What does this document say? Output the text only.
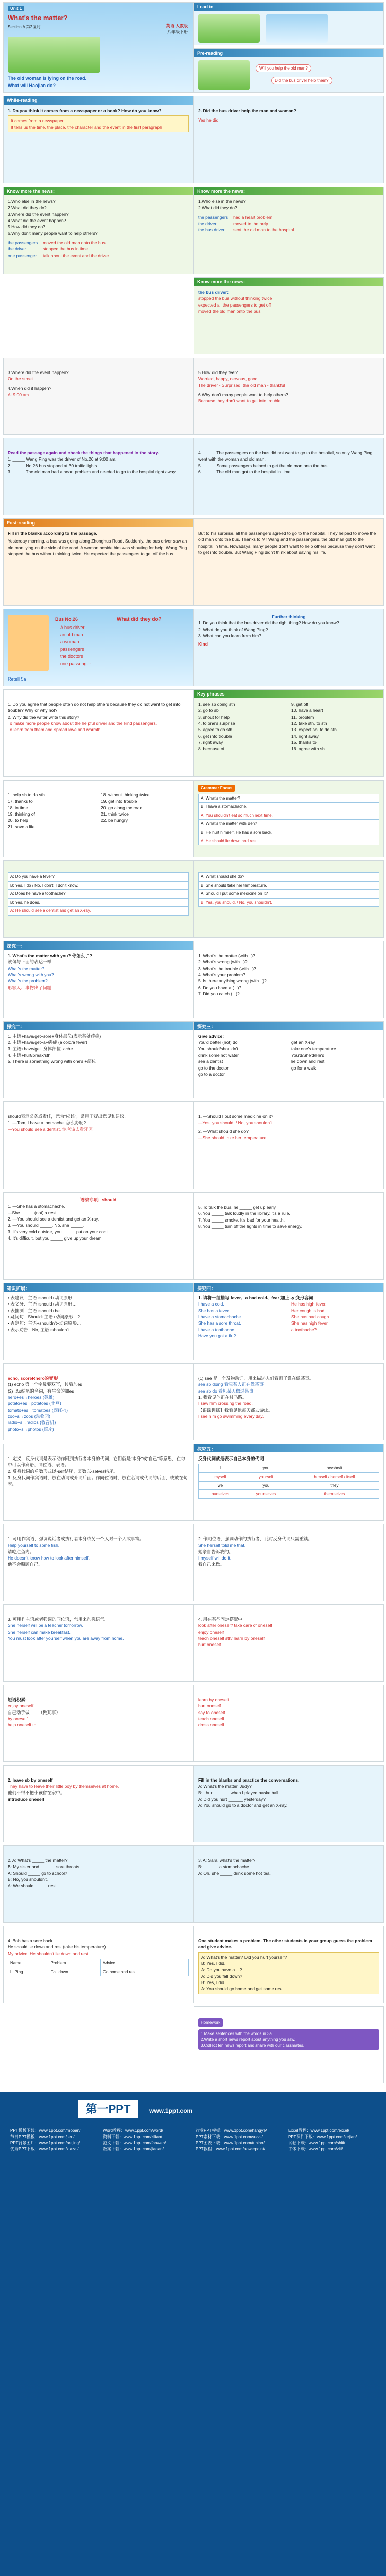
Unit 1
What's the matter?
Section A 第2课时	英语 人教版
八年级下册
The old woman is lying on the road.
What will Haojian do?
Lead in
Pre-reading
Will you help the old man?
Did the bus driver help them?
While-reading
1. Do you think it comes from a newspaper or a book? How do you know?
It comes from a newspaper.
It tells us the time, the place, the character and the event in the first paragraph
2. Did the bus driver help the man and woman?
Yes he did
Know more the news:
1.Who else in the news?
2.What did they do?
3.Where did the event happen?
4.What did the event happen?
5.How did they do?
6.Why don't many people want to help others?
the passengers
the driver
one passenger
moved the old man onto the bus
stopped the bus in time
talk about the event and the driver
Know more the news:
1.Who else in the news?
2.What did they do?
the passengers
the driver
the bus driver
had a heart problem
moved to the help
sent the old man to the hospital
Know more the news:
the bus driver:
stopped the bus without thinking twice
expected all the passengers to get off
moved the old man onto the bus
3.Where did the event happen?
On the street
4.When did it happen?
At 9:00 am
5.How did they feel?
Worried, happy, nervous, good
The driver - Surprised, the old man - thankful
6.Why don't many people want to help others?
Because they don't want to get into trouble
Read the passage again and check the things that happened in the story.
1. _____ Wang Ping was the driver of No.26 at 9:00 am.
2. _____ No.26 bus stopped at 30 traffic lights.
3. _____ The old man had a heart problem and needed to go to the hospital right away.
4. _____ The passengers on the bus did not want to go to the hospital, so only Wang Ping went with the woman and old man.
5. _____ Some passengers helped to get the old man onto the bus.
6. _____ The old man got to the hospital in time.
Post-reading
Fill in the blanks according to the passage.
Yesterday morning, a bus was going along Zhonghua Road. Suddenly, the bus driver saw an old man lying on the side of the road. A woman beside him was shouting for help. Wang Ping stopped the bus without thinking twice. He expected the passengers to get off the bus.
But to his surprise, all the passengers agreed to go to the hospital. They helped to move the old man onto the bus. Thanks to Mr Wang and the passengers, the old man got to the hospital in time. Nowadays, many people don't want to help others because they don't want to get into trouble. But Wang Ping didn't think about saving his life.
Bus No.26
A bus driver
an old man
a woman
passengers
the doctors
one passenger
What did they do?
Retell 5a
Further thinking
1. Do you think that the bus driver did the right thing? How do you know?
2. What do you think of Wang Ping?
3. What can you learn from him?
Kind
1. Do you agree that people often do not help others because they do not want to get into trouble? Why or why not?
2. Why did the writer write this story?
To make more people know about the helpful driver and the kind passengers.
To learn from them and spread love and warmth.
Key phrases
1. see sb doing sth
2. go to sb
3. shout for help
4. to one's surprise
5. agree to do sth
6. get into trouble
7. right away
8. because of
9. get off
10. have a heart
11. problem
12. take sth. to sth
13. expect sb. to do sth
14. right away
15. thanks to
16. agree with sb.
1. help sb to do sth
17. thanks to
18. in time
19. thinking of
20. to help
21. save a life
18. without thinking twice
19. get into trouble
20. go along the road
21. think twice
22. be hungry
Grammar Focus
A: What's the matter?
B: I have a stomachache.
A: You shouldn't eat so much next time.
A: What's the matter with Ben?
B: He hurt himself. He has a sore back.
A: He should lie down and rest.
A: Do you have a fever?
B: Yes, I do / No, I don't. I don't know.
A: Does he have a toothache?
B: Yes, he does.
A: He should see a dentist and get an X-ray.
A: What should she do?
B: She should take her temperature.
A: Should I put some medicine on it?
B: Yes, you should. / No, you shouldn't.
探究一：
1. What's the matter with you? 你怎么了?
该句与下面的表达一样：
What's the matter?
What's wrong with you?
What's the problem?
形容人、事物出了问题
1. What's the matter (with...)?
2. What's wrong (with...)?
3. What's the trouble (with...)?
4. What's your problem?
5. Is there anything wrong (with...)?
6. Do you have a (...)?
7. Did you catch (...)?
探究二：
1. 主语+have/get+sore+身体部位(表示某处疼痛)
2. 主语+have/get+a+病症 (a cold/a fever)
3. 主语+have/get+身体部位+ache
4. 主语+hurt/break/sth
5. There is something wrong with one's +部位
探究三：
Give advice:
You'd better (not) do
You should/shouldn't
drink some hot water
see a dentist
go to the doctor
go to a doctor
get an X-ray
take one's temperature
You'd/She'd/He'd
lie down and rest
go for a walk
should表示义务或责任，意为"应该"，常用于提出意见和建议。
1. —Tom, I have a toothache. 怎么办呢?
—You should see a dentist. 你应该去看牙医。
1. —Should I put some medicine on it?
—Yes, you should. / No, you shouldn't.
2. —What should she do?
—She should take her temperature.
语法专项：should
1. —She has a stomachache.
—She _____ (not) a rest.
2. —You should see a dentist and get an X-ray.
3. —You should _____. No, she _____.
3. It's very cold outside, you _____ put on your coat.
4. It's difficult, but you _____ give up your dream.
5. To talk the bus, he _____ get up early.
6. You _____ talk loudly in the library, it's a rule.
7. You _____ smoke. It's bad for your health.
8. You _____ turn off the lights in time to save energy.
知识扩展：
• 表建议：主语+should+动词原形…
• 表义务：主语+should+动词原形…
• 表推测：主语+should+be…
• 疑问句：Should+主语+动词原形…?
• 否定句：主语+shouldn't+动词原形…
• 表示劝告：No, 主语+shouldn't.
探究四：
1. 请将一组描写 fever、a bad cold、fear 加上 -y 变形容词
I have a cold.
She has a fever.
I have a stomachache.
She has a sore throat.
I have a toothache.
Have you got a flu?
He has high fever.
Her cough is bad.
She has bad cough.
She has high fever.
a toothache?
echo, scoreRhero的变形
(1) echo 第一个字母要双写，其后加es
(2) 以o结尾的名词，有生命的加es
hero+es→heroes (英雄)
potato+es→potatoes (土豆)
tomato+es→tomatoes (西红柿)
zoo+s→zoos (动物园)
radio+s→radios (收音机)
photo+s→photos (照片)
(1) see 是一个及物动词，用来描述人们看到了谁在做某事。
see sb doing 看见某人正在做某事
see sb do 看见某人做过某事
1. 我看见他正在过马路。
I saw him crossing the road.
【跟踪训练】我看见他每天都去游泳。
I see him go swimming every day.
探究五：
反身代词就是表示自己本身的代词
I	you	he/she/it
myself	yourself	himself / herself / itself
we	you	they
ourselves	yourselves	themselves
1. 定义：反身代词是表示动作回到执行者本身的代词，它们就是"本身"或"自己"等意思，在句中可以作宾语、同位语、表语。
2. 反身代词的单数形式以-self结尾，复数以-selves结尾。
3. 反身代词作宾语时，放在动词或介词后面；作同位语时，放在名词或代词的后面，或放在句末。
1. 可用作宾语，强调说话者或执行者本身或另一个人对一个人或事物。
Help yourself to some fish.
请吃点鱼肉。
He doesn't know how to look after himself.
他不会照顾自己。
2. 作同位语，强调动作的执行者，此时反身代词只需重读。
She herself told me that.
她亲自告诉我的。
I myself will do it.
我自己来做。
3. 可用作主语或者强调的同位语，常用来加强语气。
She herself will be a teacher tomorrow.
She herself can make breakfast.
You must look after yourself when you are away from home.
4. 用在某些固定搭配中
look after oneself/ take care of oneself
enjoy oneself
teach oneself sth/ learn by oneself
hurt oneself
短语积累:
enjoy oneself
自己动手做……（做某事）
by oneself
help oneself to
learn by oneself
hurt oneself
say to oneself
teach oneself
dress oneself
2. leave sb by oneself
They have to leave their little boy by themselves at home.
他们不得不把小孩留在家中。
introduce oneself
Fill in the blanks and practice the conversations.
A: What's the matter, Judy?
B: I hurt ______ when I played basketball.
A: Did you hurt ______ yesterday?
A: You should go to a doctor and get an X-ray.
2. A: What's _____ the matter?
B: My sister and I _____ sore throats.
A: Should _____ go to school?
B: No, you shouldn't.
A: We should _____ rest.
3. A: Sara, what's the matter?
B: I _____ a stomachache.
A: Oh, she _____ drink some hot tea.
4. Bob has a sore back.
He should lie down and rest (take his temperature)
My advice: He shouldn't lie down and rest
Name	Problem	Advice
Li Ping	Fall down	Go home and rest
One student makes a problem. The other students in your group guess the problem and give advice.
A: What's the matter? Did you hurt yourself?
B: Yes, I did.
A: Do you have a ...?
A: Did you fall down?
B: Yes, I did.
A: You should go home and get some rest.
Homework
1.Make sentences with the words in 3a.
2.Write a short news report about anything you saw.
3.Collect ten news report and share with our classmates.
第一PPT	www.1ppt.com
PPT模板下载：www.1ppt.com/moban/
节日PPT模板：www.1ppt.com/jieri/
PPT背景图片：www.1ppt.com/beijing/
优秀PPT下载：www.1ppt.com/xiazai/
Word教程：www.1ppt.com/word/
资料下载：www.1ppt.com/ziliao/
范文下载：www.1ppt.com/fanwen/
教案下载：www.1ppt.com/jiaoan/
行业PPT模板：www.1ppt.com/hangye/
PPT素材下载：www.1ppt.com/sucai/
PPT图表下载：www.1ppt.com/tubiao/
PPT教程：www.1ppt.com/powerpoint/
Excel教程：www.1ppt.com/excel/
PPT课件下载：www.1ppt.com/kejian/
试卷下载：www.1ppt.com/shiti/
字体下载：www.1ppt.com/ziti/
